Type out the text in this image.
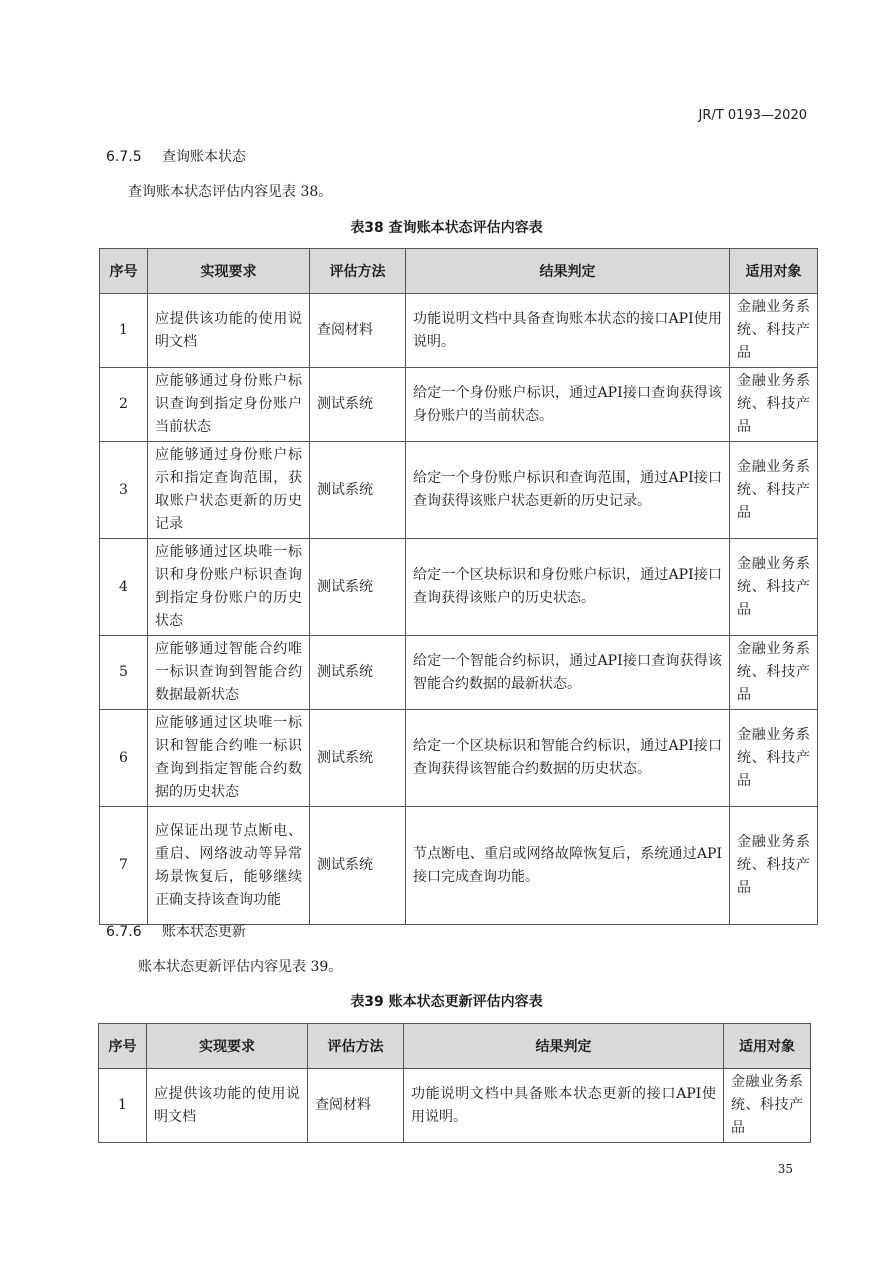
JR/T 0193—2020
6.7.5 查询账本状态
查询账本状态评估内容见表 38。
表38 查询账本状态评估内容表
序号	实现要求	评估方法	结果判定	适用对象
1	应提供该功能的使用说明文档	查阅材料	功能说明文档中具备查询账本状态的接口API使用说明。	金融业务系统、科技产品
2	应能够通过身份账户标识查询到指定身份账户当前状态	测试系统	给定一个身份账户标识，通过API接口查询获得该身份账户的当前状态。	金融业务系统、科技产品
3	应能够通过身份账户标示和指定查询范围，获取账户状态更新的历史记录	测试系统	给定一个身份账户标识和查询范围，通过API接口查询获得该账户状态更新的历史记录。	金融业务系统、科技产品
4	应能够通过区块唯一标识和身份账户标识查询到指定身份账户的历史状态	测试系统	给定一个区块标识和身份账户标识，通过API接口查询获得该账户的历史状态。	金融业务系统、科技产品
5	应能够通过智能合约唯一标识查询到智能合约数据最新状态	测试系统	给定一个智能合约标识，通过API接口查询获得该智能合约数据的最新状态。	金融业务系统、科技产品
6	应能够通过区块唯一标识和智能合约唯一标识查询到指定智能合约数据的历史状态	测试系统	给定一个区块标识和智能合约标识，通过API接口查询获得该智能合约数据的历史状态。	金融业务系统、科技产品
7	应保证出现节点断电、重启、网络波动等异常场景恢复后，能够继续正确支持该查询功能	测试系统	节点断电、重启或网络故障恢复后，系统通过API接口完成查询功能。	金融业务系统、科技产品
6.7.6 账本状态更新
账本状态更新评估内容见表 39。
表39 账本状态更新评估内容表
序号	实现要求	评估方法	结果判定	适用对象
1	应提供该功能的使用说明文档	查阅材料	功能说明文档中具备账本状态更新的接口API使用说明。	金融业务系统、科技产品
35
